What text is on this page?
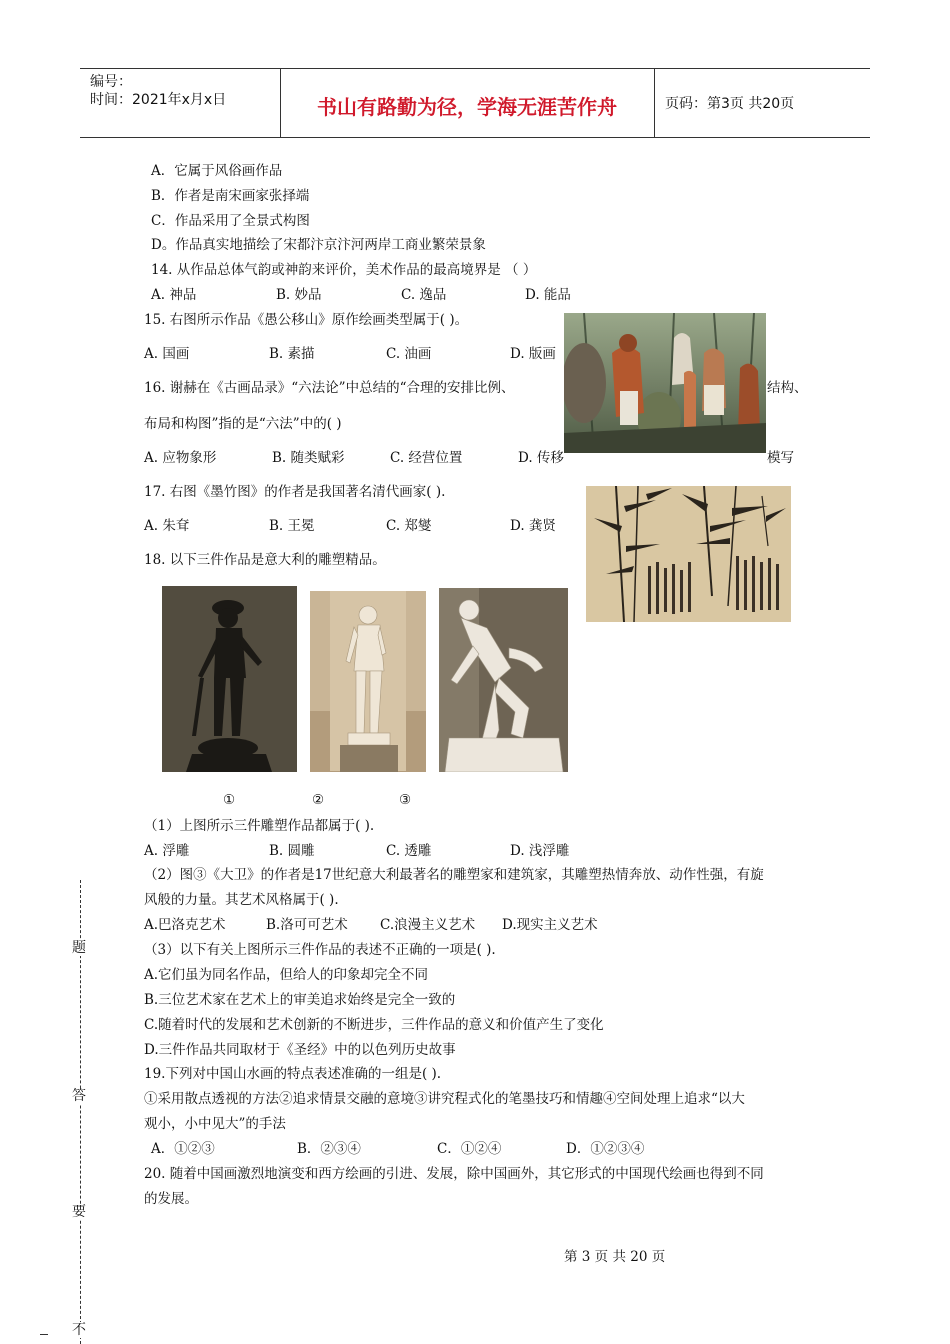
编号：
时间：2021年x月x日	书山有路勤为径，学海无涯苦作舟	页码：第3页 共20页
A．它属于风俗画作品
B．作者是南宋画家张择端
C．作品采用了全景式构图
D。作品真实地描绘了宋都汴京汴河两岸工商业繁荣景象
14. 从作品总体气韵或神韵来评价，美术作品的最高境界是 （ ）
A. 神品	B. 妙品	C. 逸品	D. 能品
15. 右图所示作品《愚公移山》原作绘画类型属于( )。
A. 国画	B. 素描	C. 油画	D. 版画
16. 谢赫在《古画品录》“六法论”中总结的“合理的安排比例、	结构、
布局和构图”指的是“六法”中的( )
A. 应物象形	B. 随类赋彩	C. 经营位置	D. 传移	模写
17. 右图《墨竹图》的作者是我国著名清代画家( ).
A. 朱耷	B. 王冕	C. 郑燮	D. 龚贤
18. 以下三件作品是意大利的雕塑精品。
①	②	③
（1）上图所示三件雕塑作品都属于( ).
A. 浮雕	B. 圆雕	C. 透雕	D. 浅浮雕
（2）图③《大卫》的作者是17世纪意大利最著名的雕塑家和建筑家，其雕塑热情奔放、动作性强，有旋
风般的力量。其艺术风格属于( ).
A.巴洛克艺术	B.洛可可艺术 C.浪漫主义艺术 D.现实主义艺术
（3）以下有关上图所示三件作品的表述不正确的一项是( ).
A.它们虽为同名作品，但给人的印象却完全不同
B.三位艺术家在艺术上的审美追求始终是完全一致的
C.随着时代的发展和艺术创新的不断进步，三件作品的意义和价值产生了变化
D.三件作品共同取材于《圣经》中的以色列历史故事
19.下列对中国山水画的特点表述准确的一组是( ).
①采用散点透视的方法②追求情景交融的意境③讲究程式化的笔墨技巧和情趣④空间处理上追求“以大
观小，小中见大”的手法
A．①②③	B．②③④	C．①②④	D．①②③④
20. 随着中国画激烈地演变和西方绘画的引进、发展，除中国画外，其它形式的中国现代绘画也得到不同
的发展。
第 3 页 共 20 页
题
答
要
不
